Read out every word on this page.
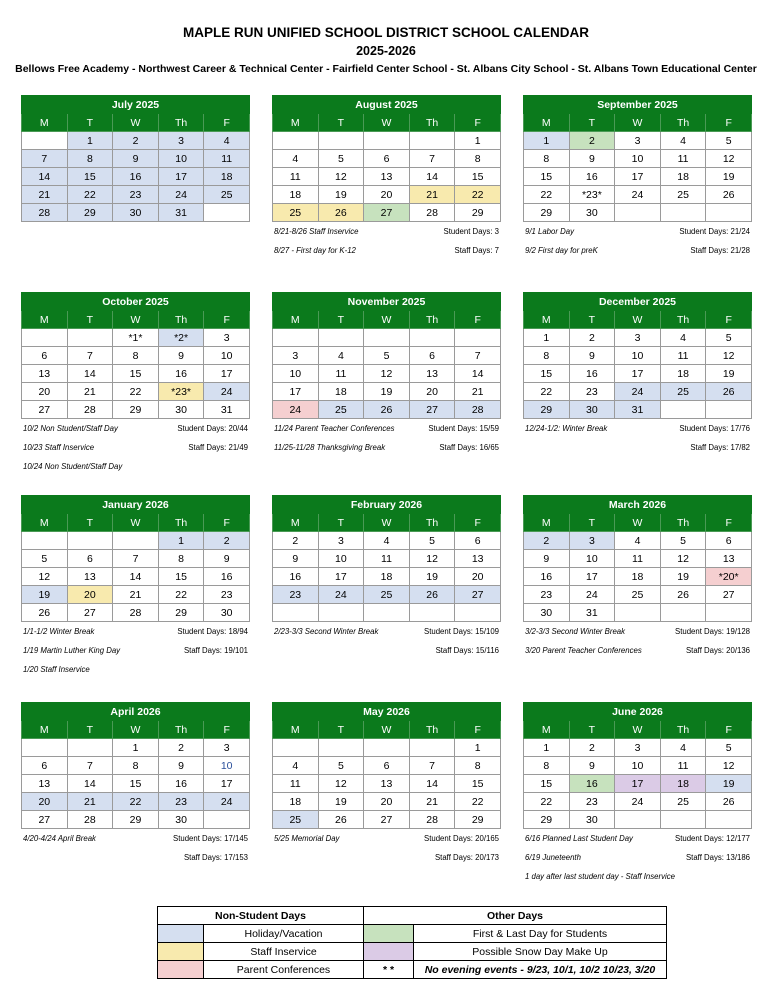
MAPLE RUN UNIFIED SCHOOL DISTRICT SCHOOL CALENDAR
2025-2026
Bellows Free Academy - Northwest Career & Technical Center - Fairfield Center School - St. Albans City School - St. Albans Town Educational Center
July 2025				
M	T	W	Th	F
	1	2	3	4
7	8	9	10	11
14	15	16	17	18
21	22	23	24	25
28	29	30	31	
August 2025				
M	T	W	Th	F
				1
4	5	6	7	8
11	12	13	14	15
18	19	20	21	22
25	26	27	28	29
8/21-8/26 Staff Inservice	Student Days: 3
8/27 - First day for K-12	Staff Days: 7
September 2025				
M	T	W	Th	F
1	2	3	4	5
8	9	10	11	12
15	16	17	18	19
22	*23*	24	25	26
29	30			
9/1 Labor Day	Student Days: 21/24
9/2 First day for preK	Staff Days: 21/28
October 2025				
M	T	W	Th	F
		*1*	*2*	3
6	7	8	9	10
13	14	15	16	17
20	21	22	*23*	24
27	28	29	30	31
10/2 Non Student/Staff Day	Student Days: 20/44
10/23 Staff Inservice	Staff Days: 21/49
10/24 Non Student/Staff Day
November 2025				
M	T	W	Th	F

3	4	5	6	7
10	11	12	13	14
17	18	19	20	21
24	25	26	27	28
11/24 Parent Teacher Conferences	Student Days: 15/59
11/25-11/28 Thanksgiving Break	Staff Days: 16/65
December 2025				
M	T	W	Th	F
1	2	3	4	5
8	9	10	11	12
15	16	17	18	19
22	23	24	25	26
29	30	31		
12/24-1/2: Winter Break	Student Days: 17/76
Staff Days: 17/82
January 2026				
M	T	W	Th	F
			1	2
5	6	7	8	9
12	13	14	15	16
19	20	21	22	23
26	27	28	29	30
1/1-1/2 Winter Break	Student Days: 18/94
1/19 Martin Luther King Day	Staff Days: 19/101
1/20 Staff Inservice
February 2026				
M	T	W	Th	F
2	3	4	5	6
9	10	11	12	13
16	17	18	19	20
23	24	25	26	27

2/23-3/3 Second Winter Break	Student Days: 15/109
Staff Days: 15/116
March 2026				
M	T	W	Th	F
2	3	4	5	6
9	10	11	12	13
16	17	18	19	*20*
23	24	25	26	27
30	31			
3/2-3/3 Second Winter Break	Student Days: 19/128
3/20 Parent Teacher Conferences	Staff Days: 20/136
April 2026				
M	T	W	Th	F
		1	2	3
6	7	8	9	10
13	14	15	16	17
20	21	22	23	24
27	28	29	30	
4/20-4/24 April Break	Student Days: 17/145
Staff Days: 17/153
May 2026				
M	T	W	Th	F
				1
4	5	6	7	8
11	12	13	14	15
18	19	20	21	22
25	26	27	28	29
5/25 Memorial Day	Student Days: 20/165
Staff Days: 20/173
June 2026				
M	T	W	Th	F
1	2	3	4	5
8	9	10	11	12
15	16	17	18	19
22	23	24	25	26
29	30			
6/16 Planned Last Student Day	Student Days: 12/177
6/19 Juneteenth	Staff Days: 13/186
1 day after last student day - Staff Inservice
Non-Student Days		Other Days	
	Holiday/Vacation		First & Last Day for Students
	Staff Inservice		Possible Snow Day Make Up
	Parent Conferences	* *	No evening events - 9/23, 10/1, 10/2 10/23, 3/20
